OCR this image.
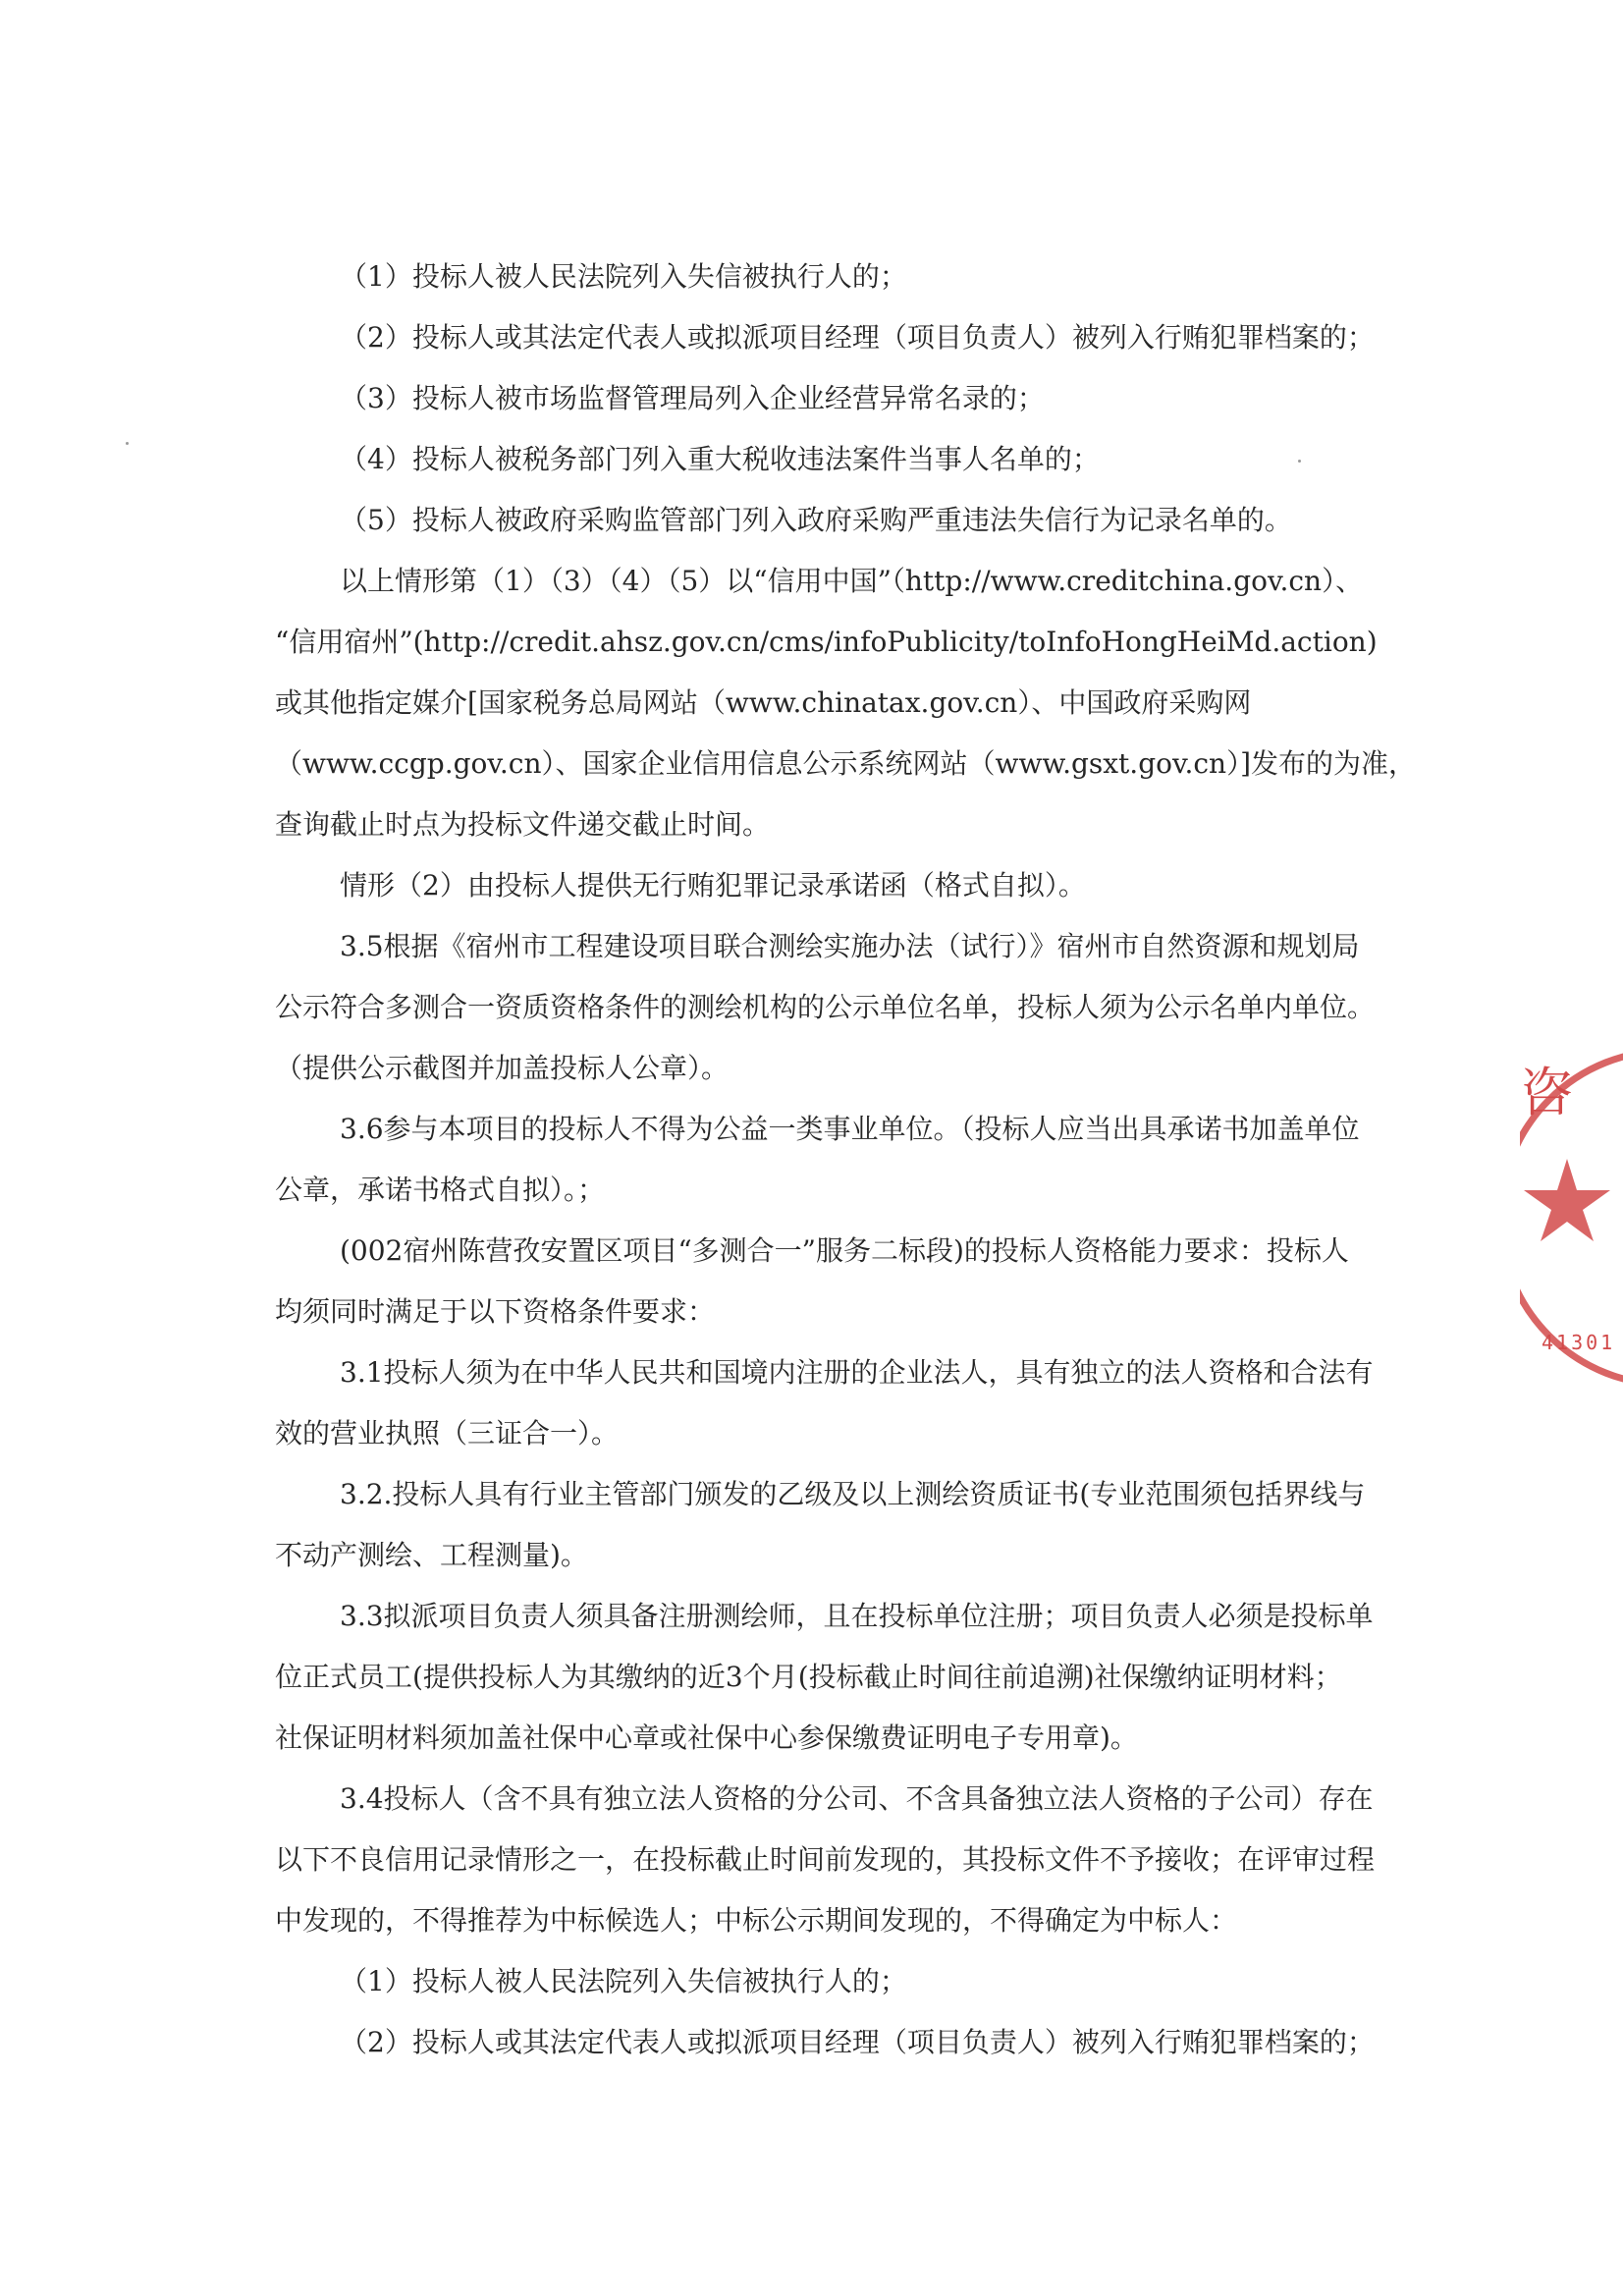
（1）投标人被人民法院列入失信被执行人的；

（2）投标人或其法定代表人或拟派项目经理（项目负责人）被列入行贿犯罪档案的；

（3）投标人被市场监督管理局列入企业经营异常名录的；

（4）投标人被税务部门列入重大税收违法案件当事人名单的；

（5）投标人被政府采购监管部门列入政府采购严重违法失信行为记录名单的。

以上情形第（1）（3）（4）（5）以“信用中国”（http://www.creditchina.gov.cn）、

“信用宿州”(http://credit.ahsz.gov.cn/cms/infoPublicity/toInfoHongHeiMd.action)

或其他指定媒介[国家税务总局网站（www.chinatax.gov.cn）、中国政府采购网

（www.ccgp.gov.cn）、国家企业信用信息公示系统网站（www.gsxt.gov.cn）]发布的为准，

查询截止时点为投标文件递交截止时间。

情形（2）由投标人提供无行贿犯罪记录承诺函（格式自拟）。

3.5根据《宿州市工程建设项目联合测绘实施办法（试行）》宿州市自然资源和规划局

公示符合多测合一资质资格条件的测绘机构的公示单位名单，投标人须为公示名单内单位。

（提供公示截图并加盖投标人公章）。

3.6参与本项目的投标人不得为公益一类事业单位。（投标人应当出具承诺书加盖单位

公章，承诺书格式自拟）。；

(002宿州陈营孜安置区项目“多测合一”服务二标段)的投标人资格能力要求：投标人

均须同时满足于以下资格条件要求：

3.1投标人须为在中华人民共和国境内注册的企业法人，具有独立的法人资格和合法有

效的营业执照（三证合一）。

3.2.投标人具有行业主管部门颁发的乙级及以上测绘资质证书(专业范围须包括界线与

不动产测绘、工程测量)。

3.3拟派项目负责人须具备注册测绘师，且在投标单位注册；项目负责人必须是投标单

位正式员工(提供投标人为其缴纳的近3个月(投标截止时间往前追溯)社保缴纳证明材料；

社保证明材料须加盖社保中心章或社保中心参保缴费证明电子专用章)。

3.4投标人（含不具有独立法人资格的分公司、不含具备独立法人资格的子公司）存在

以下不良信用记录情形之一，在投标截止时间前发现的，其投标文件不予接收；在评审过程

中发现的，不得推荐为中标候选人；中标公示期间发现的，不得确定为中标人：

（1）投标人被人民法院列入失信被执行人的；

（2）投标人或其法定代表人或拟派项目经理（项目负责人）被列入行贿犯罪档案的；

咨
41301
